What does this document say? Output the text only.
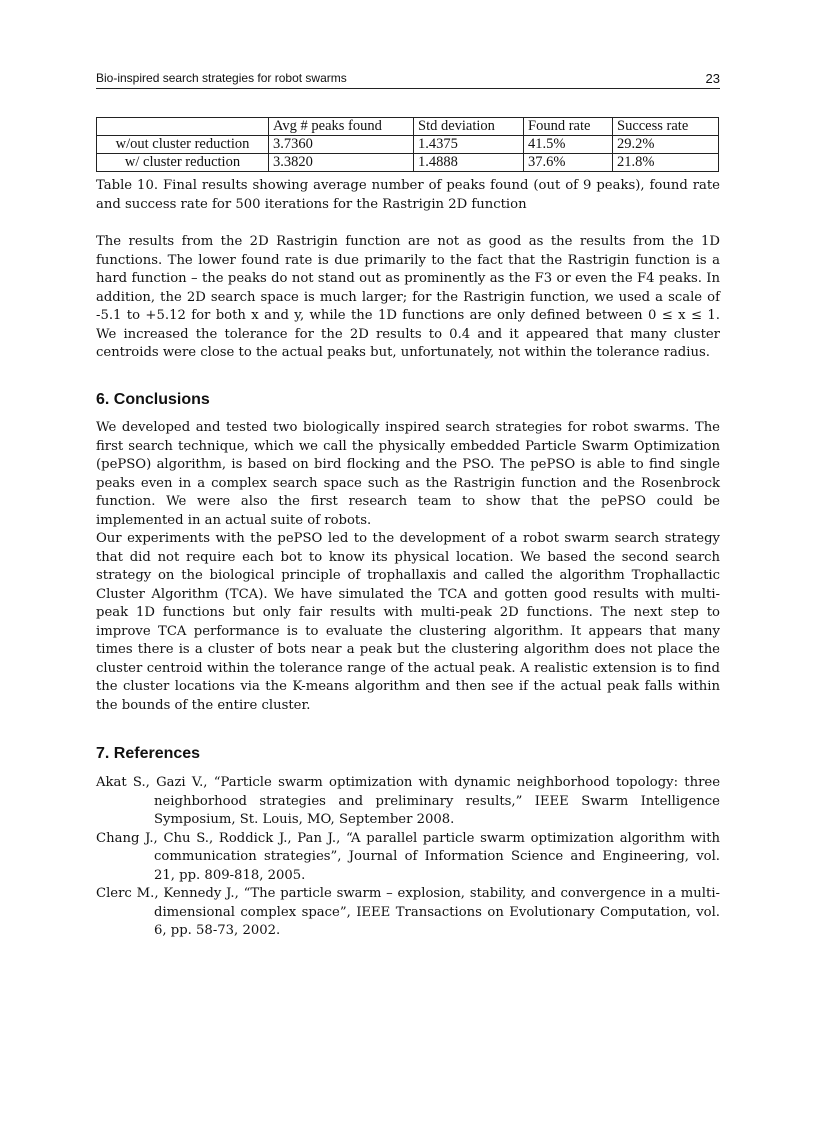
Bio-inspired search strategies for robot swarms	23
	Avg # peaks found	Std deviation	Found rate	Success rate
w/out cluster reduction	3.7360	1.4375	41.5%	29.2%
w/ cluster reduction	3.3820	1.4888	37.6%	21.8%

Table 10. Final results showing average number of peaks found (out of 9 peaks), found rate and success rate for 500 iterations for the Rastrigin 2D function

The results from the 2D Rastrigin function are not as good as the results from the 1D functions. The lower found rate is due primarily to the fact that the Rastrigin function is a hard function – the peaks do not stand out as prominently as the F3 or even the F4 peaks. In addition, the 2D search space is much larger; for the Rastrigin function, we used a scale of -5.1 to +5.12 for both x and y, while the 1D functions are only defined between 0 ≤ x ≤ 1. We increased the tolerance for the 2D results to 0.4 and it appeared that many cluster centroids were close to the actual peaks but, unfortunately, not within the tolerance radius.

6. Conclusions

We developed and tested two biologically inspired search strategies for robot swarms. The first search technique, which we call the physically embedded Particle Swarm Optimization (pePSO) algorithm, is based on bird flocking and the PSO. The pePSO is able to find single peaks even in a complex search space such as the Rastrigin function and the Rosenbrock function. We were also the first research team to show that the pePSO could be implemented in an actual suite of robots.

Our experiments with the pePSO led to the development of a robot swarm search strategy that did not require each bot to know its physical location. We based the second search strategy on the biological principle of trophallaxis and called the algorithm Trophallactic Cluster Algorithm (TCA). We have simulated the TCA and gotten good results with multi-peak 1D functions but only fair results with multi-peak 2D functions. The next step to improve TCA performance is to evaluate the clustering algorithm. It appears that many times there is a cluster of bots near a peak but the clustering algorithm does not place the cluster centroid within the tolerance range of the actual peak. A realistic extension is to find the cluster locations via the K-means algorithm and then see if the actual peak falls within the bounds of the entire cluster.

7. References

Akat S., Gazi V., “Particle swarm optimization with dynamic neighborhood topology: three neighborhood strategies and preliminary results,” IEEE Swarm Intelligence Symposium, St. Louis, MO, September 2008.

Chang J., Chu S., Roddick J., Pan J., “A parallel particle swarm optimization algorithm with communication strategies”, Journal of Information Science and Engineering, vol. 21, pp. 809-818, 2005.

Clerc M., Kennedy J., “The particle swarm – explosion, stability, and convergence in a multi-dimensional complex space”, IEEE Transactions on Evolutionary Computation, vol. 6, pp. 58-73, 2002.
